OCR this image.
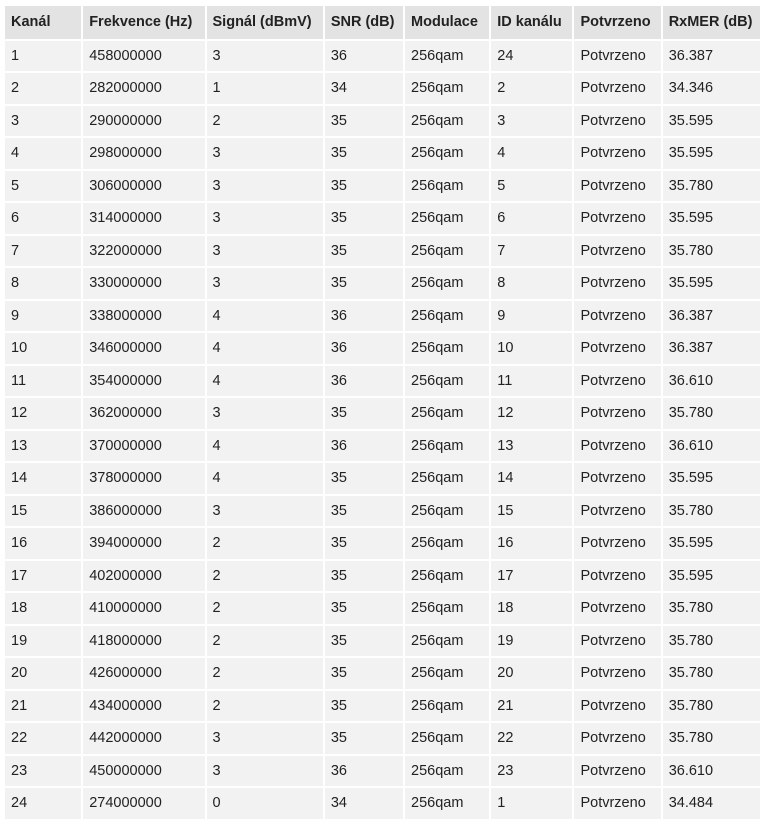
Kanál	Frekvence (Hz)	Signál (dBmV)	SNR (dB)	Modulace	ID kanálu	Potvrzeno	RxMER (dB)
1	458000000	3	36	256qam	24	Potvrzeno	36.387
2	282000000	1	34	256qam	2	Potvrzeno	34.346
3	290000000	2	35	256qam	3	Potvrzeno	35.595
4	298000000	3	35	256qam	4	Potvrzeno	35.595
5	306000000	3	35	256qam	5	Potvrzeno	35.780
6	314000000	3	35	256qam	6	Potvrzeno	35.595
7	322000000	3	35	256qam	7	Potvrzeno	35.780
8	330000000	3	35	256qam	8	Potvrzeno	35.595
9	338000000	4	36	256qam	9	Potvrzeno	36.387
10	346000000	4	36	256qam	10	Potvrzeno	36.387
11	354000000	4	36	256qam	11	Potvrzeno	36.610
12	362000000	3	35	256qam	12	Potvrzeno	35.780
13	370000000	4	36	256qam	13	Potvrzeno	36.610
14	378000000	4	35	256qam	14	Potvrzeno	35.595
15	386000000	3	35	256qam	15	Potvrzeno	35.780
16	394000000	2	35	256qam	16	Potvrzeno	35.595
17	402000000	2	35	256qam	17	Potvrzeno	35.595
18	410000000	2	35	256qam	18	Potvrzeno	35.780
19	418000000	2	35	256qam	19	Potvrzeno	35.780
20	426000000	2	35	256qam	20	Potvrzeno	35.780
21	434000000	2	35	256qam	21	Potvrzeno	35.780
22	442000000	3	35	256qam	22	Potvrzeno	35.780
23	450000000	3	36	256qam	23	Potvrzeno	36.610
24	274000000	0	34	256qam	1	Potvrzeno	34.484
